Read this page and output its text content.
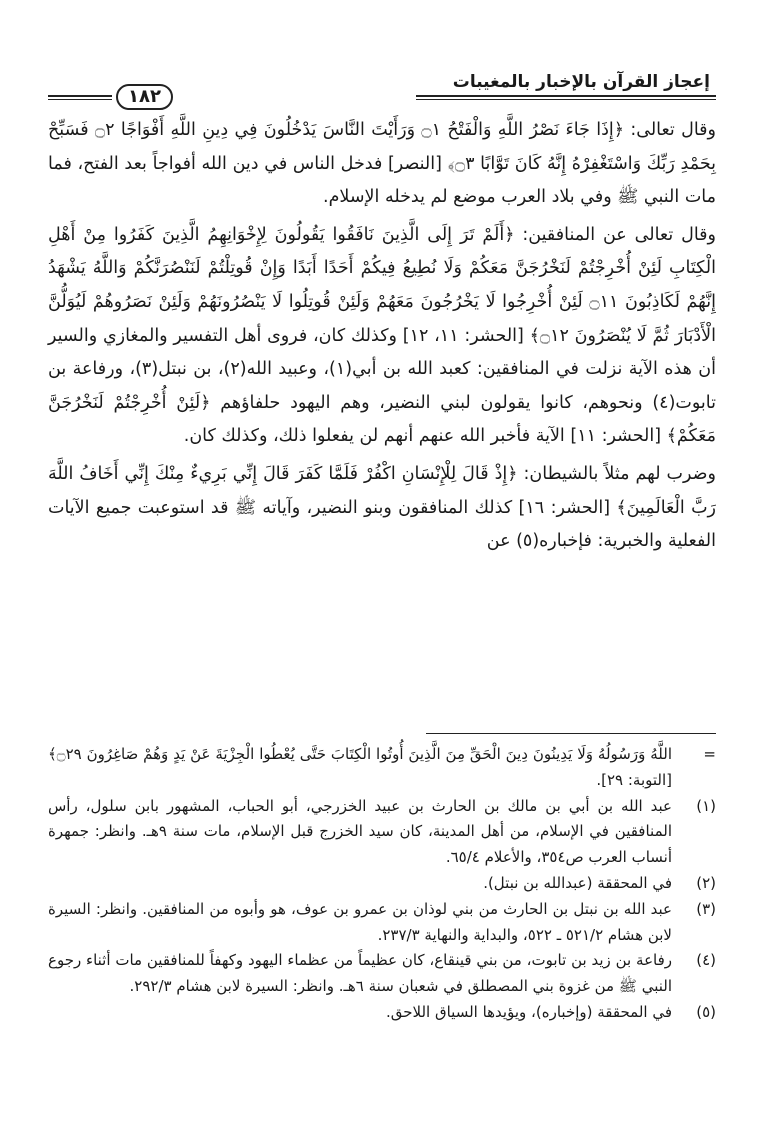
إعجاز القرآن بالإخبار بالمغيبات
١٨٢

وقال تعالى: ﴿إِذَا جَاءَ نَصْرُ اللَّهِ وَالْفَتْحُ ۝١ وَرَأَيْتَ النَّاسَ يَدْخُلُونَ فِي دِينِ اللَّهِ أَفْوَاجًا ۝٢ فَسَبِّحْ بِحَمْدِ رَبِّكَ وَاسْتَغْفِرْهُ إِنَّهُ كَانَ تَوَّابًا ۝٣﴾ [النصر] فدخل الناس في دين الله أفواجاً بعد الفتح، فما مات النبي ﷺ وفي بلاد العرب موضع لم يدخله الإسلام.

وقال تعالى عن المنافقين: ﴿أَلَمْ تَرَ إِلَى الَّذِينَ نَافَقُوا يَقُولُونَ لِإِخْوَانِهِمُ الَّذِينَ كَفَرُوا مِنْ أَهْلِ الْكِتَابِ لَئِنْ أُخْرِجْتُمْ لَنَخْرُجَنَّ مَعَكُمْ وَلَا نُطِيعُ فِيكُمْ أَحَدًا أَبَدًا وَإِنْ قُوتِلْتُمْ لَنَنْصُرَنَّكُمْ وَاللَّهُ يَشْهَدُ إِنَّهُمْ لَكَاذِبُونَ ۝١١ لَئِنْ أُخْرِجُوا لَا يَخْرُجُونَ مَعَهُمْ وَلَئِنْ قُوتِلُوا لَا يَنْصُرُونَهُمْ وَلَئِنْ نَصَرُوهُمْ لَيُوَلُّنَّ الْأَدْبَارَ ثُمَّ لَا يُنْصَرُونَ ۝١٢﴾ [الحشر: ١١، ١٢] وكذلك كان، فروى أهل التفسير والمغازي والسير أن هذه الآية نزلت في المنافقين: كعبد الله بن أبي(١)، وعبيد الله(٢)، بن نبتل(٣)، ورفاعة بن تابوت(٤) ونحوهم، كانوا يقولون لبني النضير، وهم اليهود حلفاؤهم ﴿لَئِنْ أُخْرِجْتُمْ لَنَخْرُجَنَّ مَعَكُمْ﴾ [الحشر: ١١] الآية فأخبر الله عنهم أنهم لن يفعلوا ذلك، وكذلك كان.

وضرب لهم مثلاً بالشيطان: ﴿إِذْ قَالَ لِلْإِنْسَانِ اكْفُرْ فَلَمَّا كَفَرَ قَالَ إِنِّي بَرِيءٌ مِنْكَ إِنِّي أَخَافُ اللَّهَ رَبَّ الْعَالَمِينَ﴾ [الحشر: ١٦] كذلك المنافقون وبنو النضير، وآياته ﷺ قد استوعبت جميع الآيات الفعلية والخبرية: فإخباره(٥) عن

=
اللَّهُ وَرَسُولُهُ وَلَا يَدِينُونَ دِينَ الْحَقِّ مِنَ الَّذِينَ أُوتُوا الْكِتَابَ حَتَّى يُعْطُوا الْجِزْيَةَ عَنْ يَدٍ وَهُمْ صَاغِرُونَ ۝٢٩﴾ [التوبة: ٢٩].
(١)
عبد الله بن أبي بن مالك بن الحارث بن عبيد الخزرجي، أبو الحباب، المشهور بابن سلول، رأس المنافقين في الإسلام، من أهل المدينة، كان سيد الخزرج قبل الإسلام، مات سنة ٩هـ. وانظر: جمهرة أنساب العرب ص٣٥٤، والأعلام ٦٥/٤.
(٢)
في المحققة (عبدالله بن نبتل).
(٣)
عبد الله بن نبتل بن الحارث من بني لوذان بن عمرو بن عوف، هو وأبوه من المنافقين. وانظر: السيرة لابن هشام ٥٢١/٢ ـ ٥٢٢، والبداية والنهاية ٢٣٧/٣.
(٤)
رفاعة بن زيد بن تابوت، من بني قينقاع، كان عظيماً من عظماء اليهود وكهفاً للمنافقين مات أثناء رجوع النبي ﷺ من غزوة بني المصطلق في شعبان سنة ٦هـ. وانظر: السيرة لابن هشام ٢٩٢/٣.
(٥)
في المحققة (وإخباره)، ويؤيدها السياق اللاحق.
